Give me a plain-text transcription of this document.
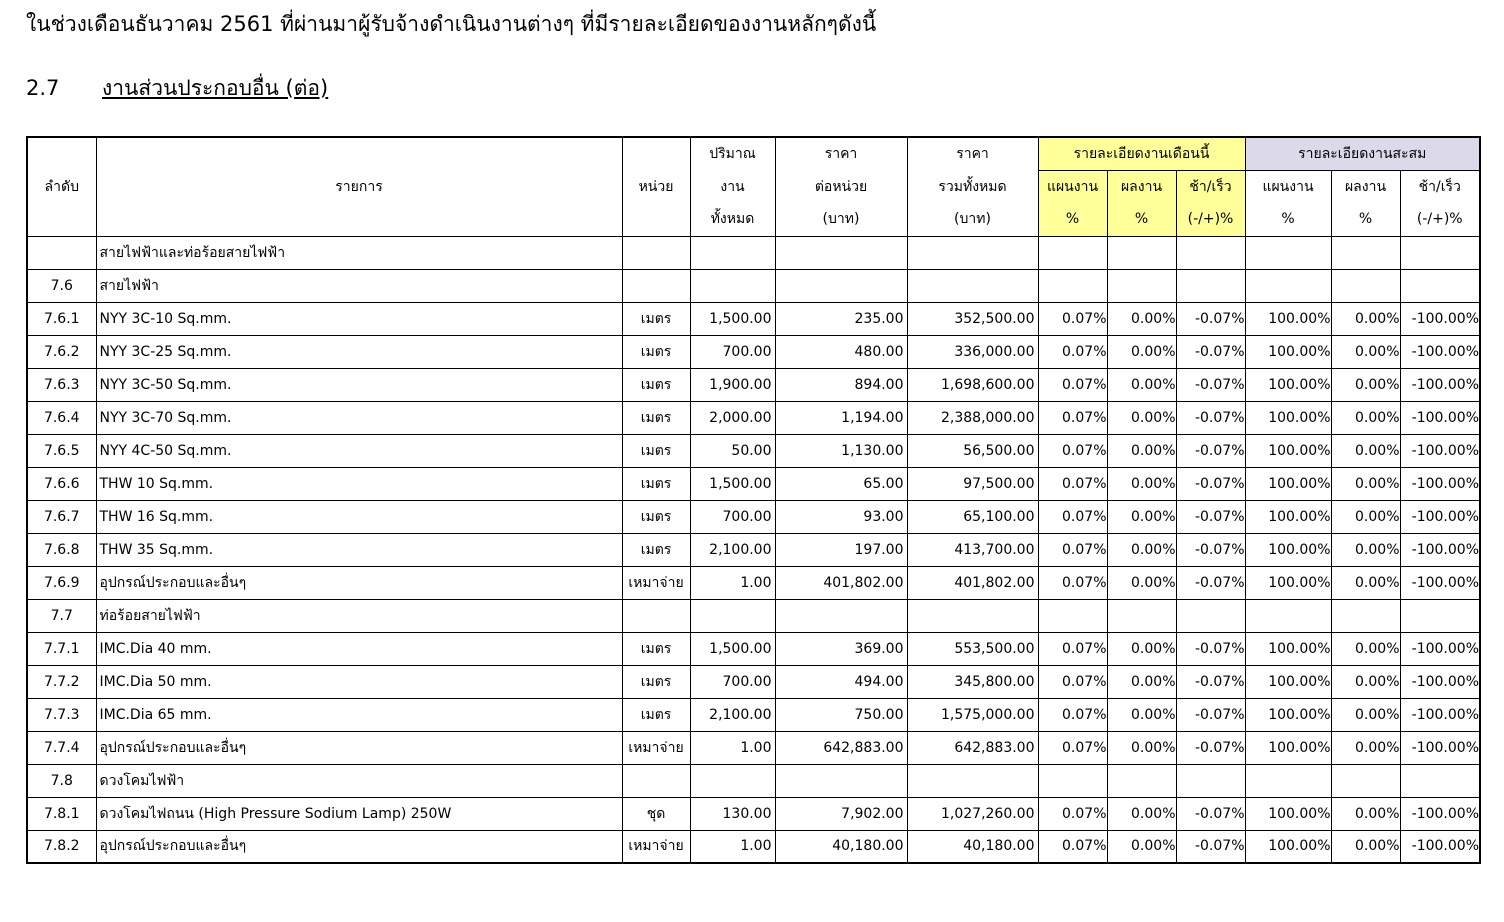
ในช่วงเดือนธันวาคม 2561 ที่ผ่านมาผู้รับจ้างดำเนินงานต่างๆ ที่มีรายละเอียดของงานหลักๆดังนี้
2.7 งานส่วนประกอบอื่น (ต่อ)
ลำดับ	รายการ	หน่วย	ปริมาณ	ราคา	ราคา	รายละเอียดงานเดือนนี้			รายละเอียดงานสะสม		
			งาน	ต่อหน่วย	รวมทั้งหมด	แผนงาน	ผลงาน	ช้า/เร็ว	แผนงาน	ผลงาน	ช้า/เร็ว
			ทั้งหมด	(บาท)	(บาท)	%	%	(-/+)%	%	%	(-/+)%
	สายไฟฟ้าและท่อร้อยสายไฟฟ้า										
7.6	สายไฟฟ้า										
7.6.1	NYY 3C-10 Sq.mm.	เมตร	1,500.00	235.00	352,500.00	0.07%	0.00%	-0.07%	100.00%	0.00%	-100.00%
7.6.2	NYY 3C-25 Sq.mm.	เมตร	700.00	480.00	336,000.00	0.07%	0.00%	-0.07%	100.00%	0.00%	-100.00%
7.6.3	NYY 3C-50 Sq.mm.	เมตร	1,900.00	894.00	1,698,600.00	0.07%	0.00%	-0.07%	100.00%	0.00%	-100.00%
7.6.4	NYY 3C-70 Sq.mm.	เมตร	2,000.00	1,194.00	2,388,000.00	0.07%	0.00%	-0.07%	100.00%	0.00%	-100.00%
7.6.5	NYY 4C-50 Sq.mm.	เมตร	50.00	1,130.00	56,500.00	0.07%	0.00%	-0.07%	100.00%	0.00%	-100.00%
7.6.6	THW 10 Sq.mm.	เมตร	1,500.00	65.00	97,500.00	0.07%	0.00%	-0.07%	100.00%	0.00%	-100.00%
7.6.7	THW 16 Sq.mm.	เมตร	700.00	93.00	65,100.00	0.07%	0.00%	-0.07%	100.00%	0.00%	-100.00%
7.6.8	THW 35 Sq.mm.	เมตร	2,100.00	197.00	413,700.00	0.07%	0.00%	-0.07%	100.00%	0.00%	-100.00%
7.6.9	อุปกรณ์ประกอบและอื่นๆ	เหมาจ่าย	1.00	401,802.00	401,802.00	0.07%	0.00%	-0.07%	100.00%	0.00%	-100.00%
7.7	ท่อร้อยสายไฟฟ้า										
7.7.1	IMC.Dia 40 mm.	เมตร	1,500.00	369.00	553,500.00	0.07%	0.00%	-0.07%	100.00%	0.00%	-100.00%
7.7.2	IMC.Dia 50 mm.	เมตร	700.00	494.00	345,800.00	0.07%	0.00%	-0.07%	100.00%	0.00%	-100.00%
7.7.3	IMC.Dia 65 mm.	เมตร	2,100.00	750.00	1,575,000.00	0.07%	0.00%	-0.07%	100.00%	0.00%	-100.00%
7.7.4	อุปกรณ์ประกอบและอื่นๆ	เหมาจ่าย	1.00	642,883.00	642,883.00	0.07%	0.00%	-0.07%	100.00%	0.00%	-100.00%
7.8	ดวงโคมไฟฟ้า										
7.8.1	ดวงโคมไฟถนน (High Pressure Sodium Lamp) 250W	ชุด	130.00	7,902.00	1,027,260.00	0.07%	0.00%	-0.07%	100.00%	0.00%	-100.00%
7.8.2	อุปกรณ์ประกอบและอื่นๆ	เหมาจ่าย	1.00	40,180.00	40,180.00	0.07%	0.00%	-0.07%	100.00%	0.00%	-100.00%
